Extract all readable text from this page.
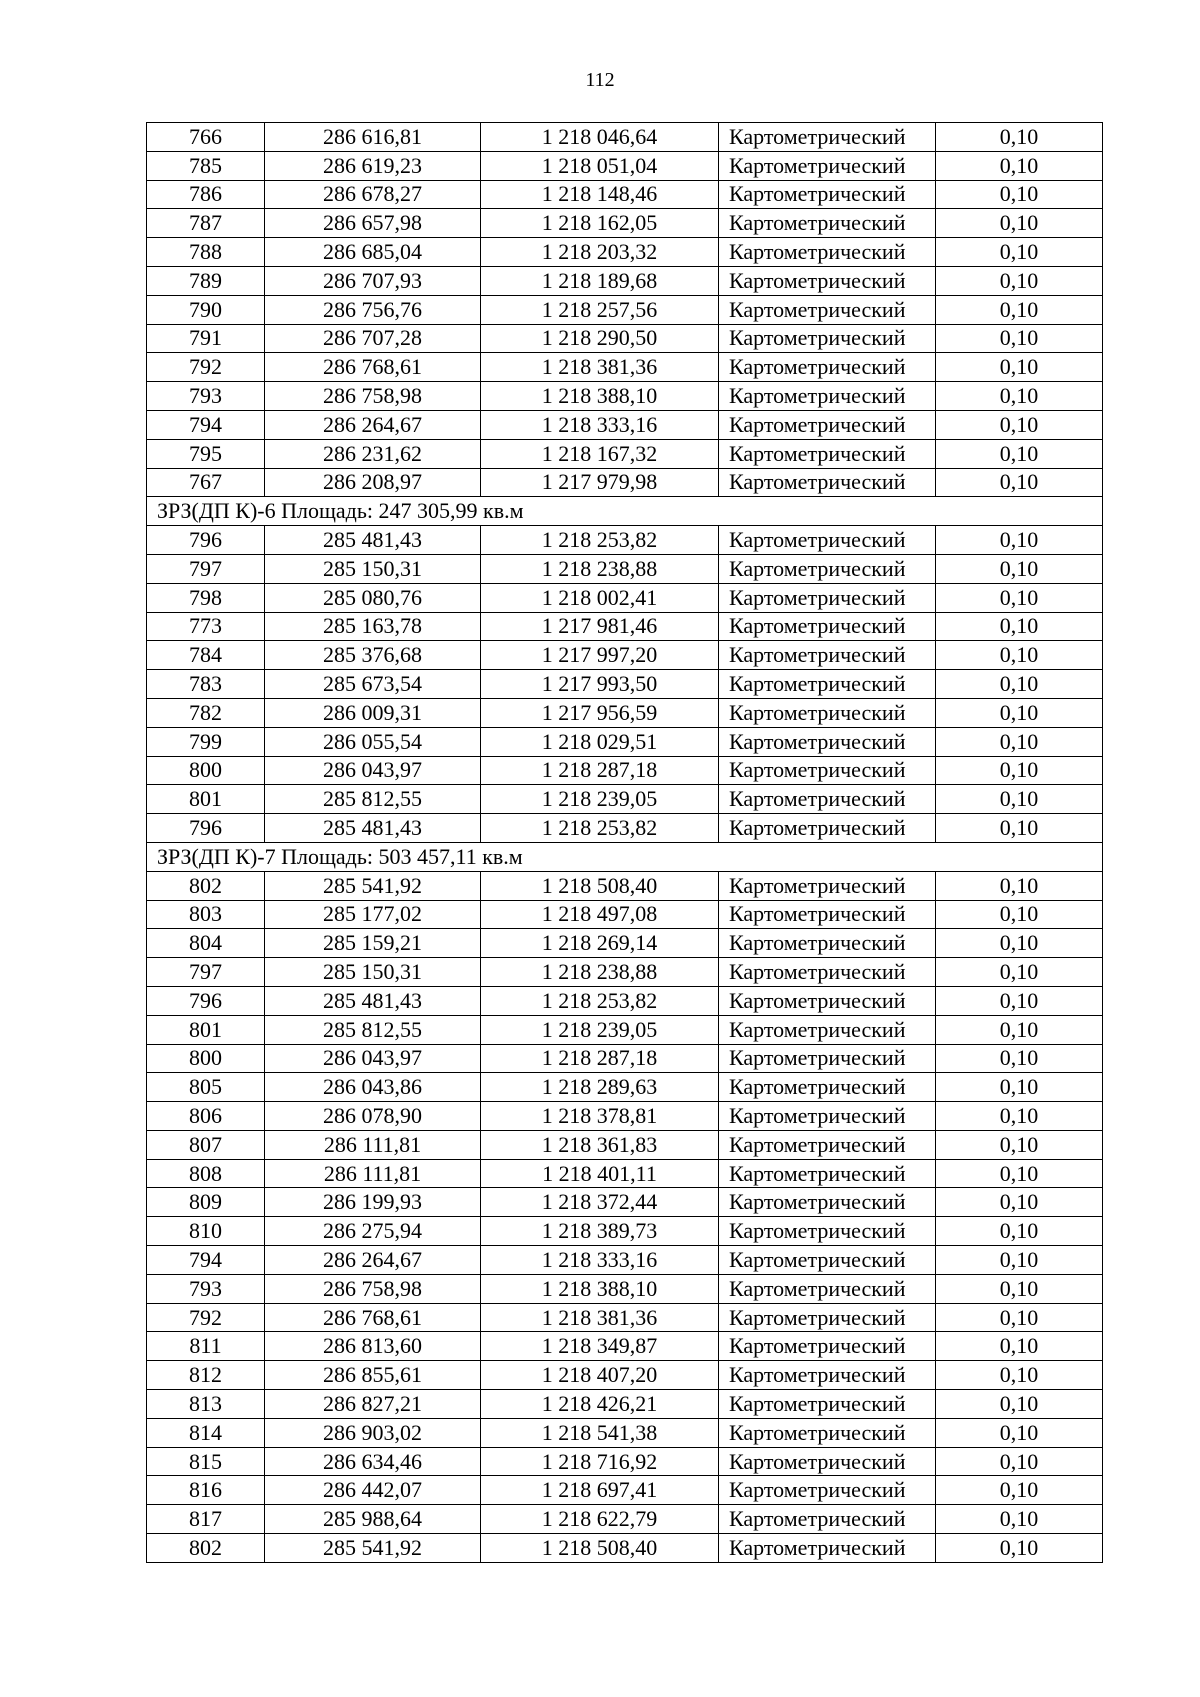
112
766	286 616,81	1 218 046,64	Картометрический	0,10
785	286 619,23	1 218 051,04	Картометрический	0,10
786	286 678,27	1 218 148,46	Картометрический	0,10
787	286 657,98	1 218 162,05	Картометрический	0,10
788	286 685,04	1 218 203,32	Картометрический	0,10
789	286 707,93	1 218 189,68	Картометрический	0,10
790	286 756,76	1 218 257,56	Картометрический	0,10
791	286 707,28	1 218 290,50	Картометрический	0,10
792	286 768,61	1 218 381,36	Картометрический	0,10
793	286 758,98	1 218 388,10	Картометрический	0,10
794	286 264,67	1 218 333,16	Картометрический	0,10
795	286 231,62	1 218 167,32	Картометрический	0,10
767	286 208,97	1 217 979,98	Картометрический	0,10
ЗРЗ(ДП К)-6 Площадь: 247 305,99 кв.м				
796	285 481,43	1 218 253,82	Картометрический	0,10
797	285 150,31	1 218 238,88	Картометрический	0,10
798	285 080,76	1 218 002,41	Картометрический	0,10
773	285 163,78	1 217 981,46	Картометрический	0,10
784	285 376,68	1 217 997,20	Картометрический	0,10
783	285 673,54	1 217 993,50	Картометрический	0,10
782	286 009,31	1 217 956,59	Картометрический	0,10
799	286 055,54	1 218 029,51	Картометрический	0,10
800	286 043,97	1 218 287,18	Картометрический	0,10
801	285 812,55	1 218 239,05	Картометрический	0,10
796	285 481,43	1 218 253,82	Картометрический	0,10
ЗРЗ(ДП К)-7 Площадь: 503 457,11 кв.м				
802	285 541,92	1 218 508,40	Картометрический	0,10
803	285 177,02	1 218 497,08	Картометрический	0,10
804	285 159,21	1 218 269,14	Картометрический	0,10
797	285 150,31	1 218 238,88	Картометрический	0,10
796	285 481,43	1 218 253,82	Картометрический	0,10
801	285 812,55	1 218 239,05	Картометрический	0,10
800	286 043,97	1 218 287,18	Картометрический	0,10
805	286 043,86	1 218 289,63	Картометрический	0,10
806	286 078,90	1 218 378,81	Картометрический	0,10
807	286 111,81	1 218 361,83	Картометрический	0,10
808	286 111,81	1 218 401,11	Картометрический	0,10
809	286 199,93	1 218 372,44	Картометрический	0,10
810	286 275,94	1 218 389,73	Картометрический	0,10
794	286 264,67	1 218 333,16	Картометрический	0,10
793	286 758,98	1 218 388,10	Картометрический	0,10
792	286 768,61	1 218 381,36	Картометрический	0,10
811	286 813,60	1 218 349,87	Картометрический	0,10
812	286 855,61	1 218 407,20	Картометрический	0,10
813	286 827,21	1 218 426,21	Картометрический	0,10
814	286 903,02	1 218 541,38	Картометрический	0,10
815	286 634,46	1 218 716,92	Картометрический	0,10
816	286 442,07	1 218 697,41	Картометрический	0,10
817	285 988,64	1 218 622,79	Картометрический	0,10
802	285 541,92	1 218 508,40	Картометрический	0,10
